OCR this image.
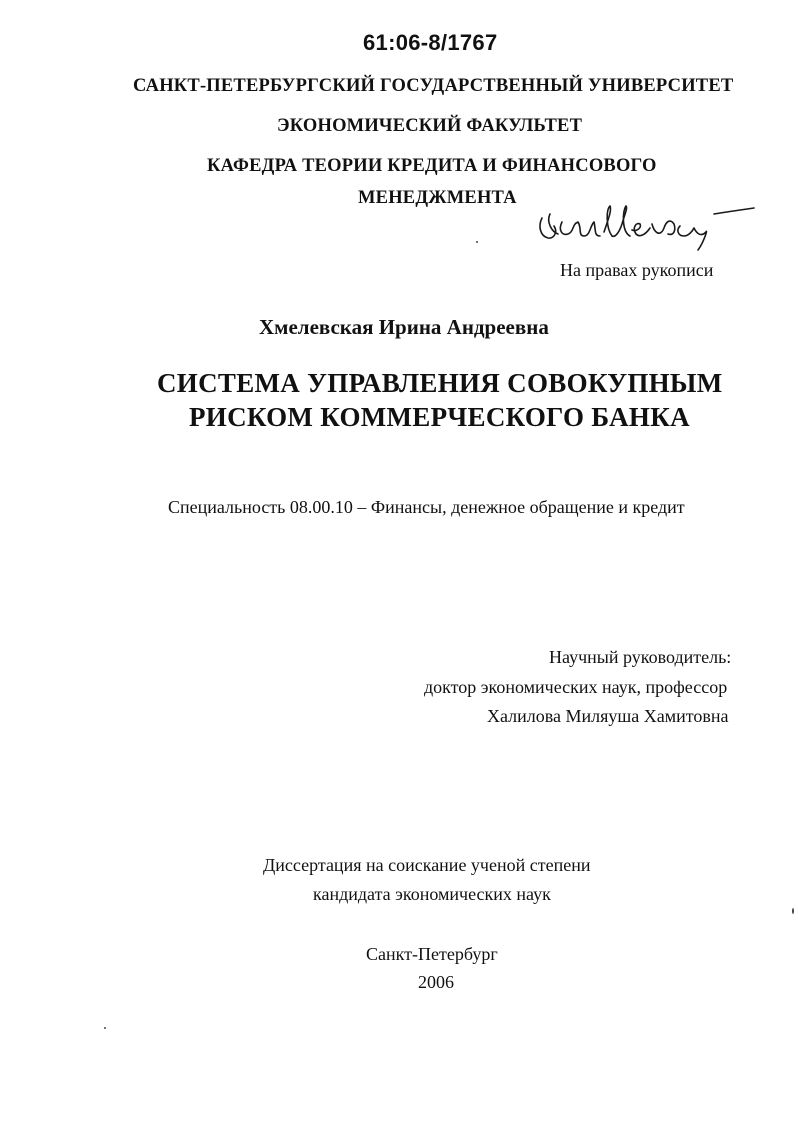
61:06-8/1767
САНКТ-ПЕТЕРБУРГСКИЙ ГОСУДАРСТВЕННЫЙ УНИВЕРСИТЕТ
ЭКОНОМИЧЕСКИЙ ФАКУЛЬТЕТ
КАФЕДРА ТЕОРИИ КРЕДИТА И ФИНАНСОВОГО
МЕНЕДЖМЕНТА
На правах рукописи
Хмелевская Ирина Андреевна
СИСТЕМА УПРАВЛЕНИЯ СОВОКУПНЫМ
РИСКОМ КОММЕРЧЕСКОГО БАНКА
Специальность 08.00.10 – Финансы, денежное обращение и кредит
Научный руководитель:
доктор экономических наук, профессор
Халилова Миляуша Хамитовна
Диссертация на соискание ученой степени
кандидата экономических наук
Санкт-Петербург
2006
